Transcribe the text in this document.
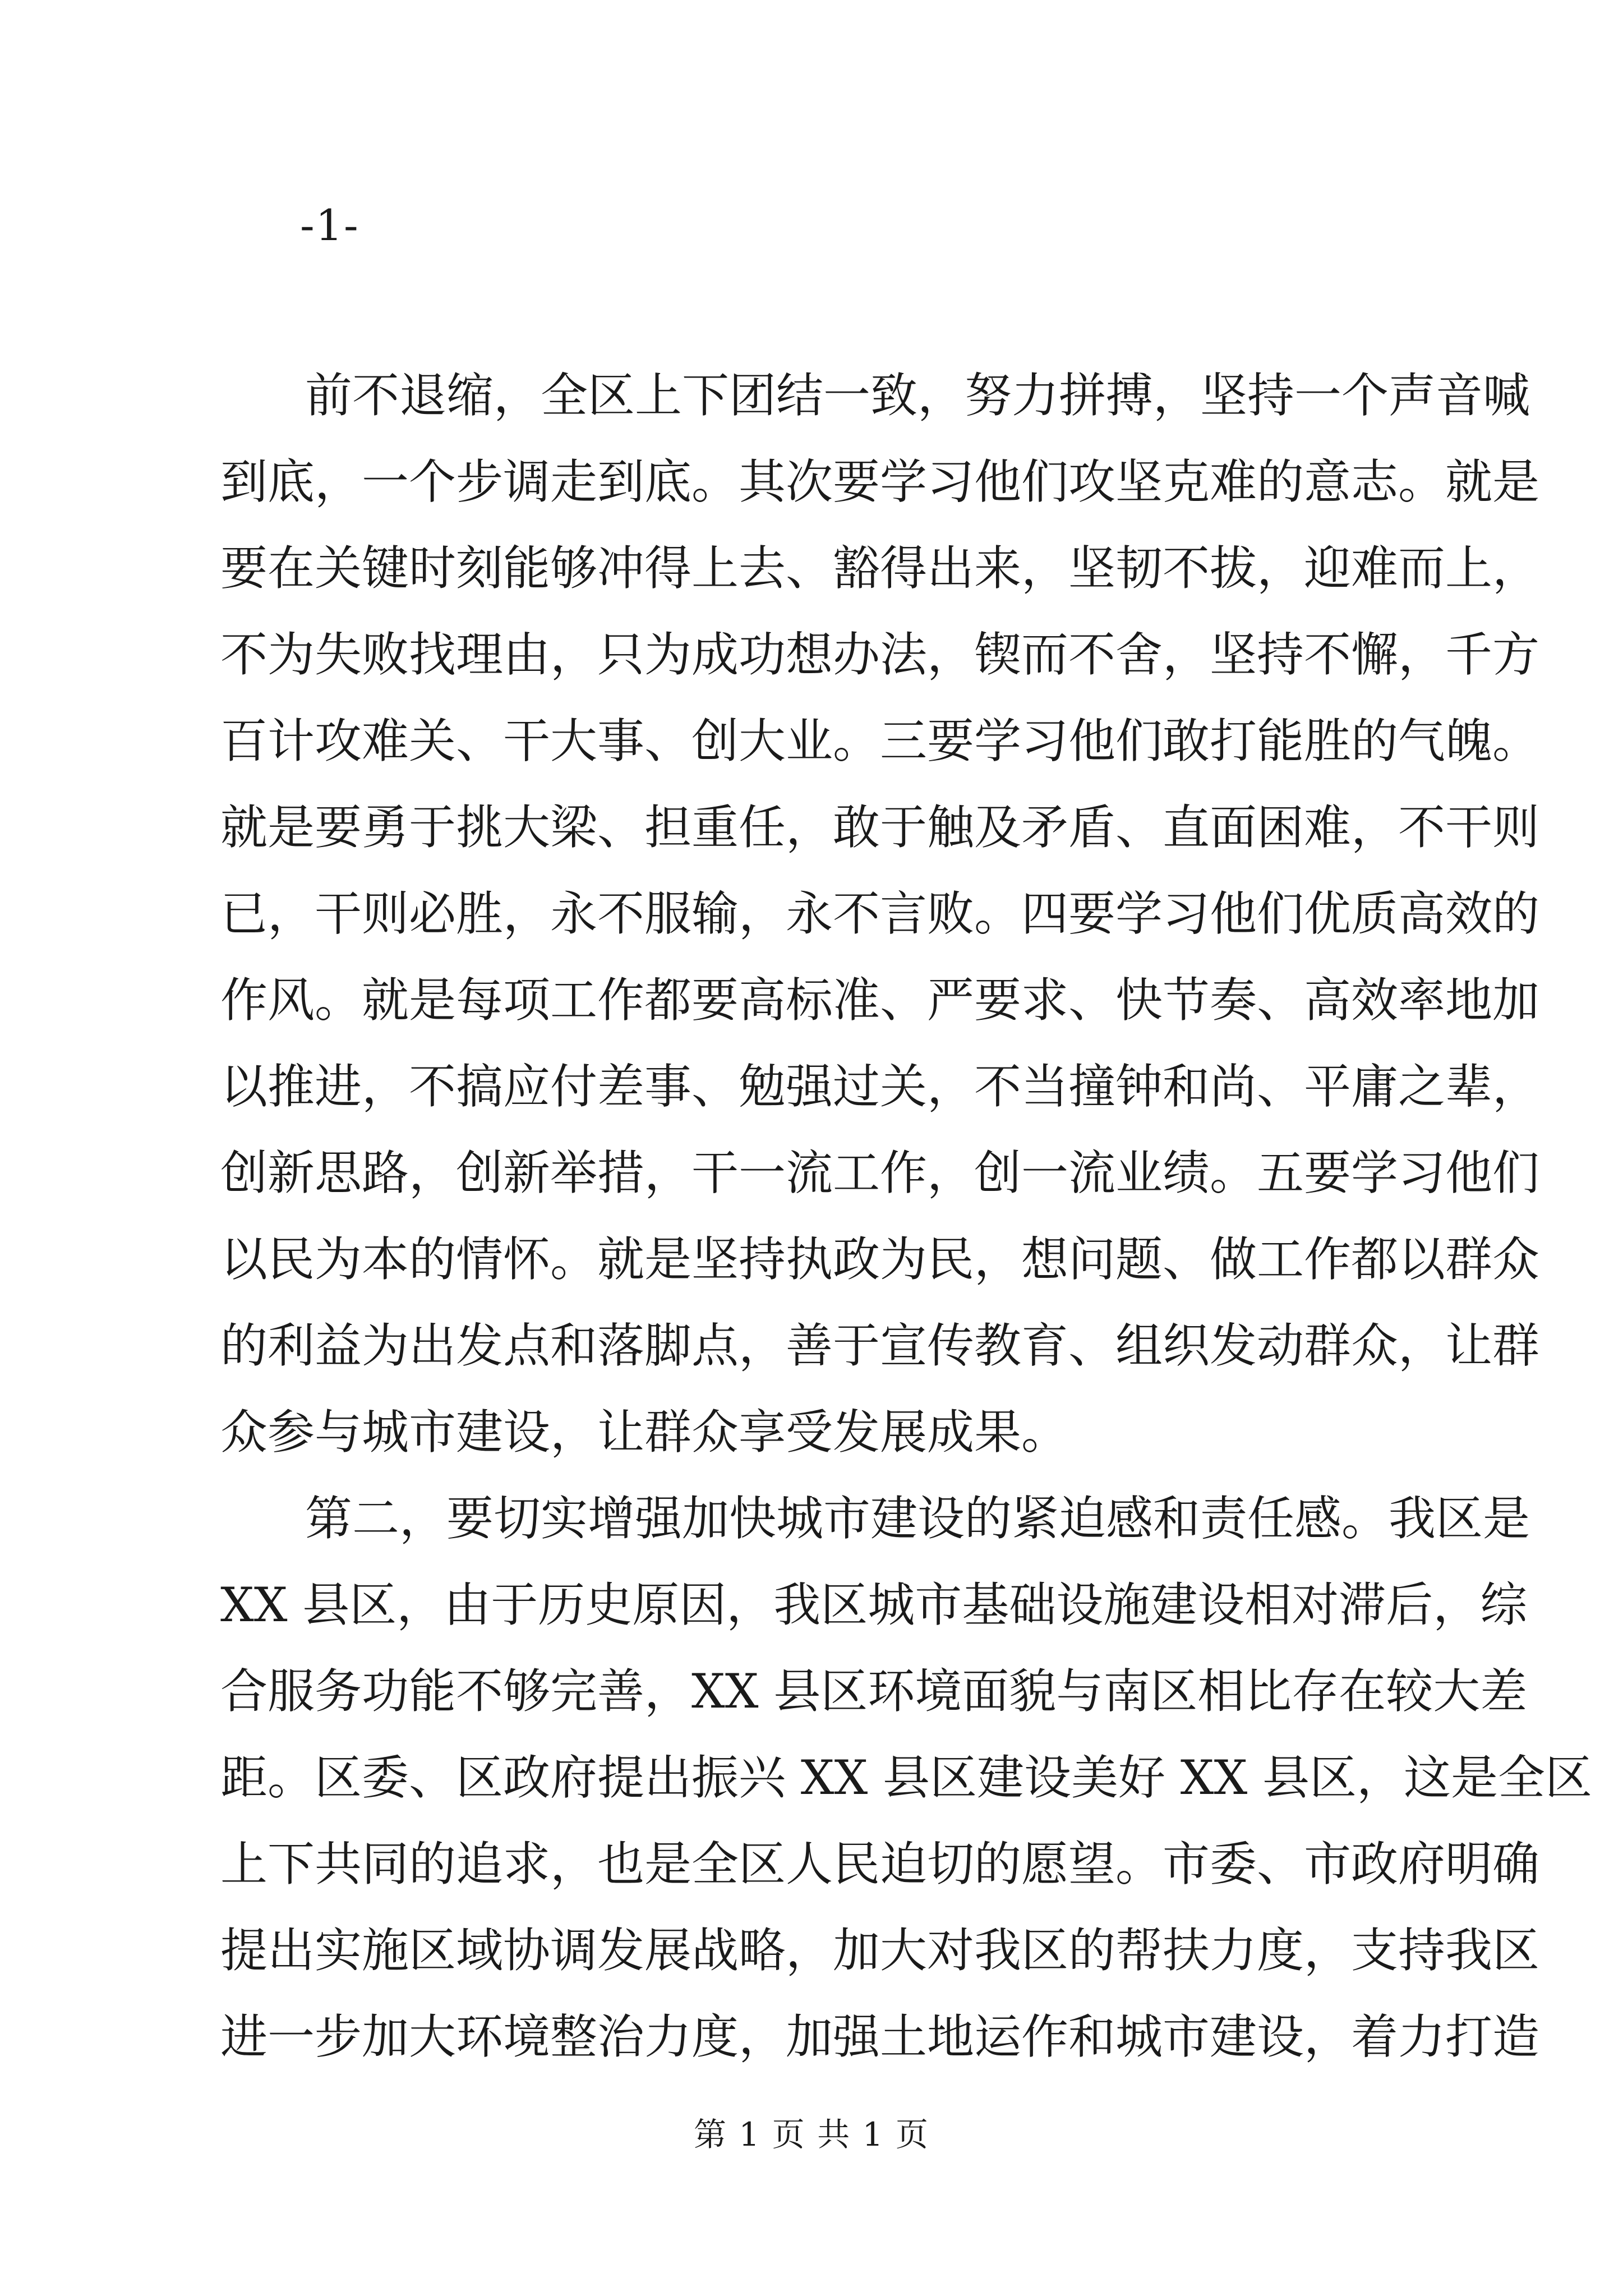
-1-
前不退缩，全区上下团结一致，努力拼搏，坚持一个声音喊
到底，一个步调走到底。其次要学习他们攻坚克难的意志。就是
要在关键时刻能够冲得上去、豁得出来，坚韧不拔，迎难而上，
不为失败找理由，只为成功想办法，锲而不舍，坚持不懈，千方
百计攻难关、干大事、创大业。三要学习他们敢打能胜的气魄。
就是要勇于挑大梁、担重任，敢于触及矛盾、直面困难，不干则
已，干则必胜，永不服输，永不言败。四要学习他们优质高效的
作风。就是每项工作都要高标准、严要求、快节奏、高效率地加
以推进，不搞应付差事、勉强过关，不当撞钟和尚、平庸之辈，
创新思路，创新举措，干一流工作，创一流业绩。五要学习他们
以民为本的情怀。就是坚持执政为民，想问题、做工作都以群众
的利益为出发点和落脚点，善于宣传教育、组织发动群众，让群
众参与城市建设，让群众享受发展成果。
第二，要切实增强加快城市建设的紧迫感和责任感。我区是
XX 县区，由于历史原因，我区城市基础设施建设相对滞后，综
合服务功能不够完善，XX 县区环境面貌与南区相比存在较大差
距。区委、区政府提出振兴 XX 县区建设美好 XX 县区，这是全区
上下共同的追求，也是全区人民迫切的愿望。市委、市政府明确
提出实施区域协调发展战略，加大对我区的帮扶力度，支持我区
进一步加大环境整治力度，加强土地运作和城市建设，着力打造
第 1 页 共 1 页
